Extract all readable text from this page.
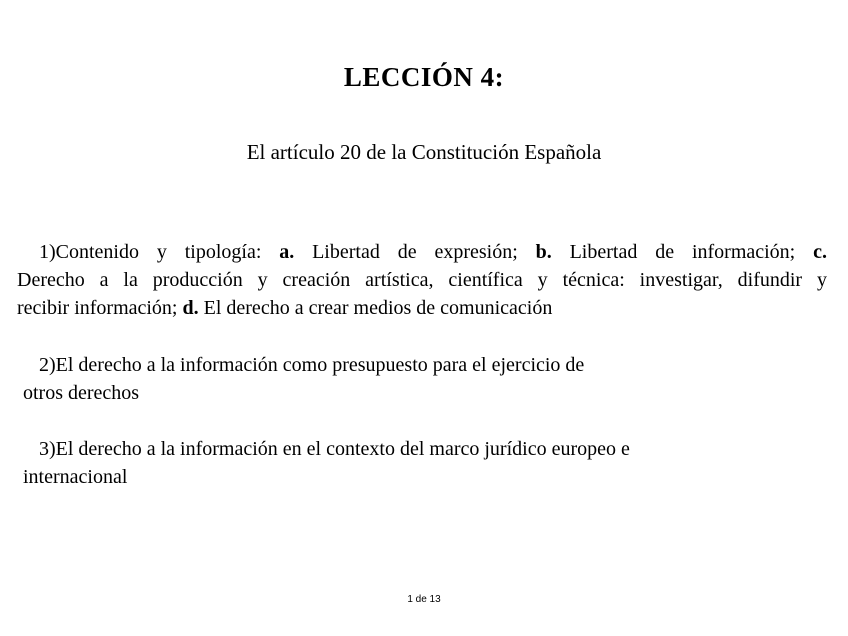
LECCIÓN 4:
El artículo 20 de la Constitución Española
1)Contenido y tipología: a. Libertad de expresión; b. Libertad de información; c.
Derecho a la producción y creación artística, científica y técnica: investigar, difundir y
recibir información; d. El derecho a crear medios de comunicación
2)El derecho a la información como presupuesto para el ejercicio de
otros derechos
3)El derecho a la información en el contexto del marco jurídico europeo e
internacional

1 de 13
